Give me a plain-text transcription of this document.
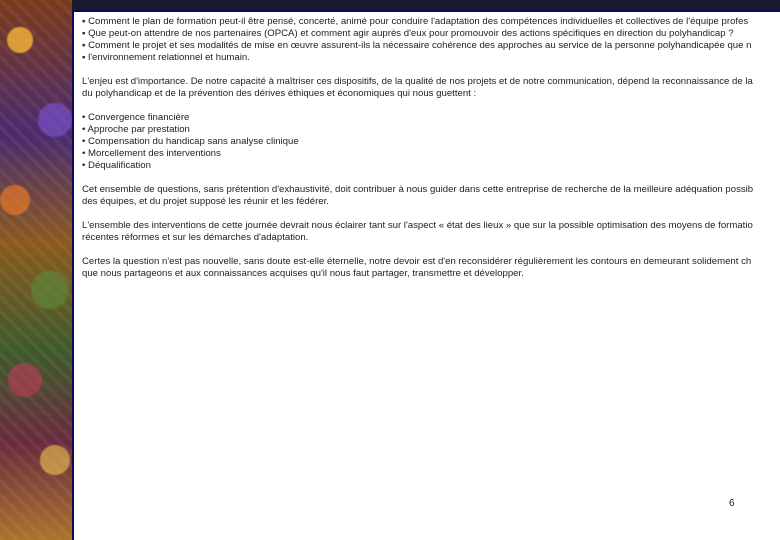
▪ Comment le plan de formation peut-il être pensé, concerté, animé pour conduire l'adaptation des compétences individuelles et collectives de l'équipe profes

▪ Que peut-on attendre de nos partenaires (OPCA) et comment agir auprès d'eux pour promouvoir des actions spécifiques en direction du polyhandicap ?

▪ Comment le projet et ses modalités de mise en œuvre assurent-ils la nécessaire cohérence des approches au service de la personne polyhandicapée que n

▪ l'environnement relationnel et humain.

L'enjeu est d'importance. De notre capacité à maîtriser ces dispositifs, de la qualité de nos projets et de notre communication, dépend la reconnaissance de la

du polyhandicap et de la prévention des dérives éthiques et économiques qui nous guettent :

• Convergence financière

• Approche par prestation

• Compensation du handicap sans analyse clinique

• Morcellement des interventions

• Déqualification

Cet ensemble de questions, sans prétention d'exhaustivité, doit contribuer à nous guider dans cette entreprise de recherche de la meilleure adéquation possib

des équipes, et du projet supposé les réunir et les fédérer.

L'ensemble des interventions de cette journée devrait nous éclairer tant sur l'aspect « état des lieux » que sur la possible optimisation des moyens de formatio

récentes réformes et sur les démarches d'adaptation.

Certes la question n'est pas nouvelle, sans doute est-elle éternelle, notre devoir est d'en reconsidérer régulièrement les contours en demeurant solidement ch

que nous partageons et aux connaissances acquises qu'il nous faut partager, transmettre et développer.

6
